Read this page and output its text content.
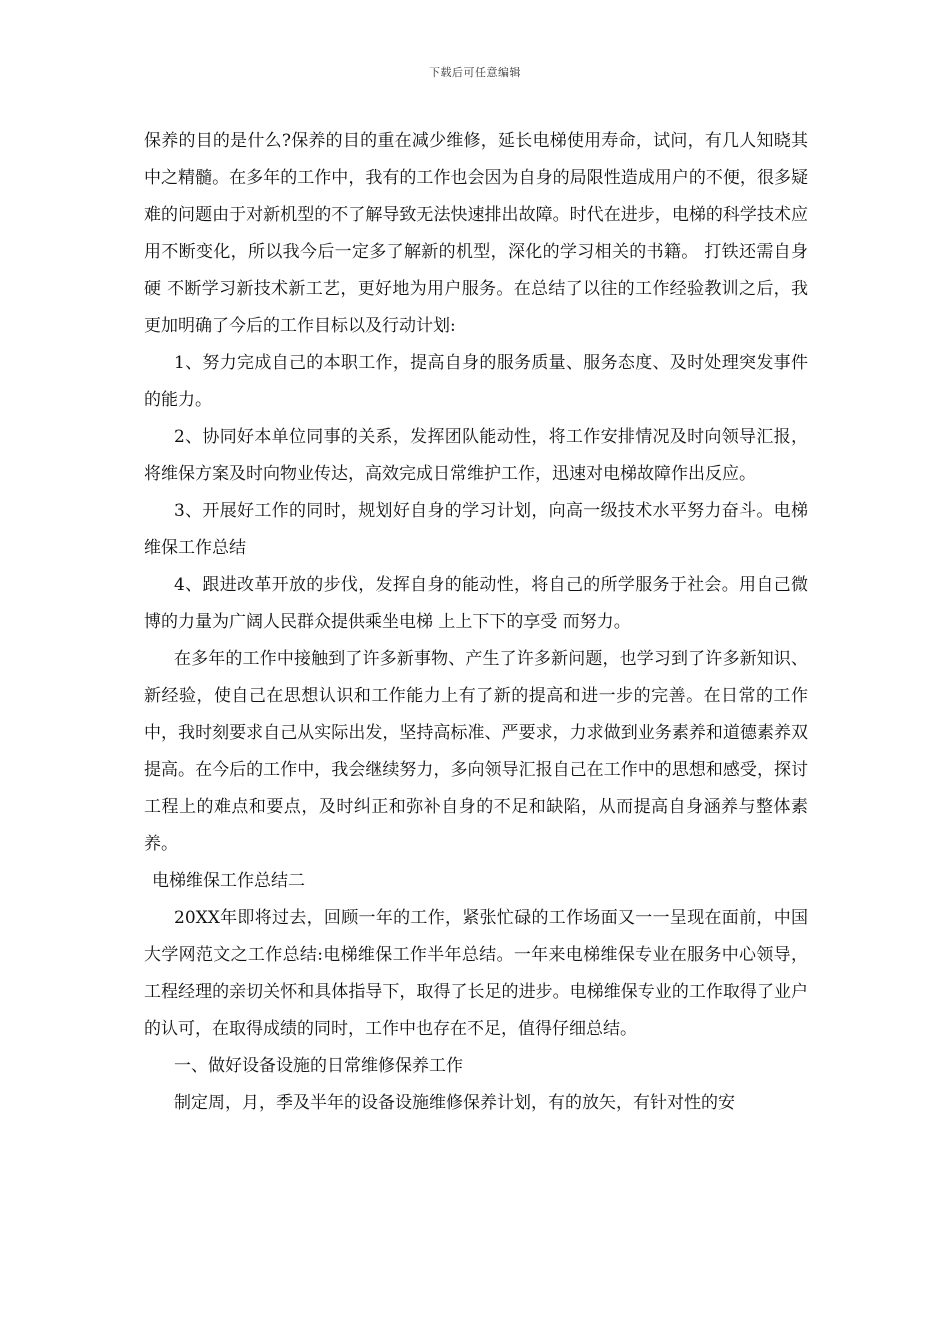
下载后可任意编辑

保养的目的是什么?保养的目的重在减少维修，延长电梯使用寿命，试问，有几人知晓其中之精髓。在多年的工作中，我有的工作也会因为自身的局限性造成用户的不便，很多疑难的问题由于对新机型的不了解导致无法快速排出故障。时代在进步，电梯的科学技术应用不断变化，所以我今后一定多了解新的机型，深化的学习相关的书籍。 打铁还需自身硬 不断学习新技术新工艺，更好地为用户服务。在总结了以往的工作经验教训之后，我更加明确了今后的工作目标以及行动计划:

1、努力完成自己的本职工作，提高自身的服务质量、服务态度、及时处理突发事件的能力。

2、协同好本单位同事的关系，发挥团队能动性，将工作安排情况及时向领导汇报，将维保方案及时向物业传达，高效完成日常维护工作，迅速对电梯故障作出反应。

3、开展好工作的同时，规划好自身的学习计划，向高一级技术水平努力奋斗。电梯维保工作总结

4、跟进改革开放的步伐，发挥自身的能动性，将自己的所学服务于社会。用自己微博的力量为广阔人民群众提供乘坐电梯 上上下下的享受 而努力。

在多年的工作中接触到了许多新事物、产生了许多新问题，也学习到了许多新知识、新经验，使自己在思想认识和工作能力上有了新的提高和进一步的完善。在日常的工作中，我时刻要求自己从实际出发，坚持高标准、严要求，力求做到业务素养和道德素养双提高。在今后的工作中，我会继续努力，多向领导汇报自己在工作中的思想和感受，探讨工程上的难点和要点，及时纠正和弥补自身的不足和缺陷，从而提高自身涵养与整体素养。

电梯维保工作总结二

20XX年即将过去，回顾一年的工作，紧张忙碌的工作场面又一一呈现在面前，中国大学网范文之工作总结:电梯维保工作半年总结。一年来电梯维保专业在服务中心领导，工程经理的亲切关怀和具体指导下，取得了长足的进步。电梯维保专业的工作取得了业户的认可，在取得成绩的同时，工作中也存在不足，值得仔细总结。

一、做好设备设施的日常维修保养工作

制定周，月，季及半年的设备设施维修保养计划，有的放矢，有针对性的安
